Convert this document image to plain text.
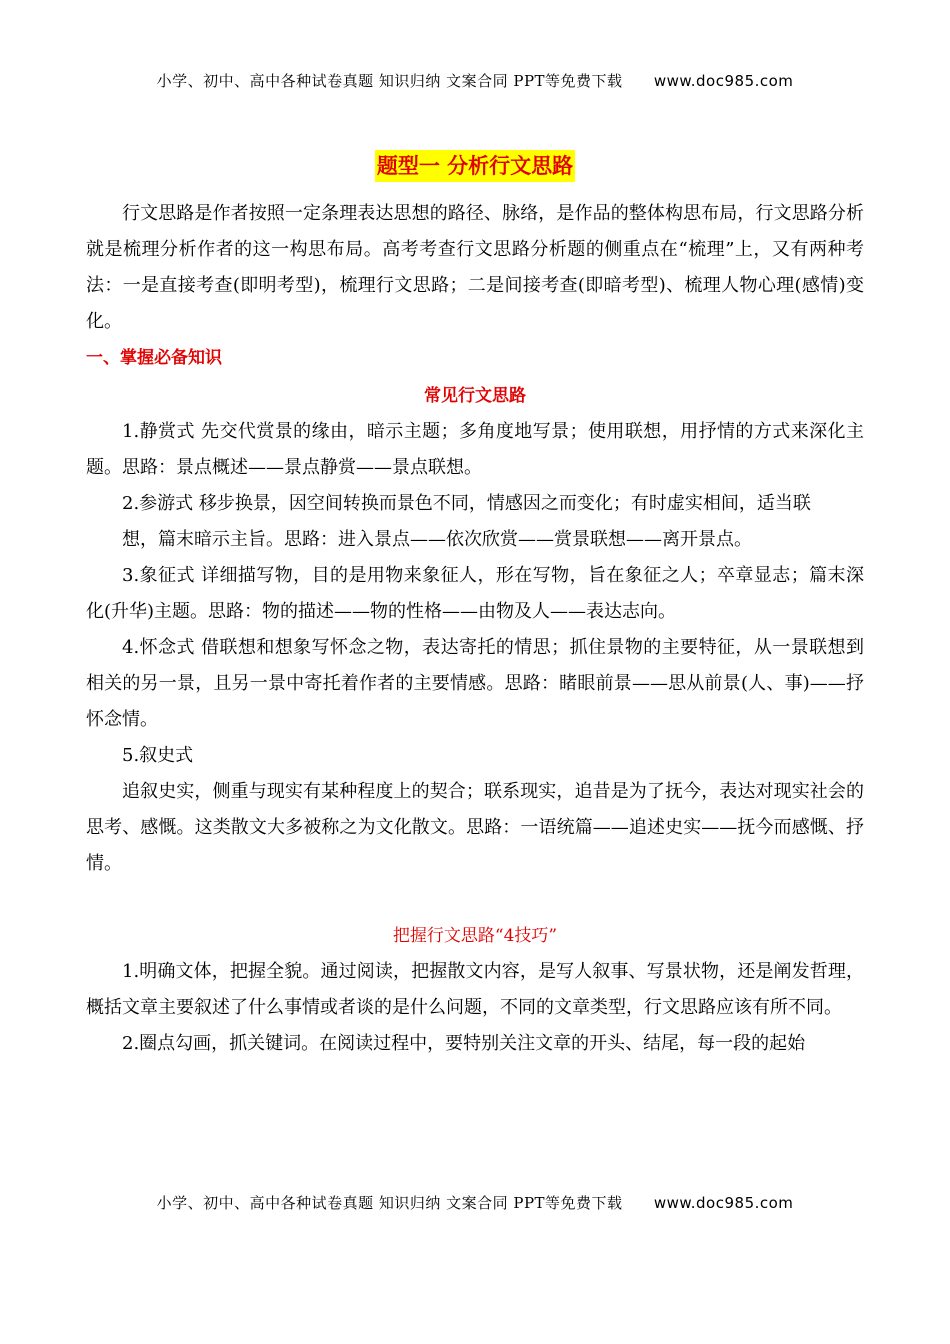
小学、初中、高中各种试卷真题 知识归纳 文案合同 PPT等免费下载 www.doc985.com
题型一 分析行文思路

行文思路是作者按照一定条理表达思想的路径、脉络，是作品的整体构思布局，行文思路分析就是梳理分析作者的这一构思布局。高考考查行文思路分析题的侧重点在“梳理”上，又有两种考法：一是直接考查(即明考型)，梳理行文思路；二是间接考查(即暗考型)、梳理人物心理(感情)变化。

一、掌握必备知识
常见行文思路

1.静赏式 先交代赏景的缘由，暗示主题；多角度地写景；使用联想，用抒情的方式来深化主题。思路：景点概述——景点静赏——景点联想。

2.参游式 移步换景，因空间转换而景色不同，情感因之而变化；有时虚实相间，适当联

想，篇末暗示主旨。思路：进入景点——依次欣赏——赏景联想——离开景点。

3.象征式 详细描写物，目的是用物来象征人，形在写物，旨在象征之人；卒章显志；篇末深化(升华)主题。思路：物的描述——物的性格——由物及人——表达志向。

4.怀念式 借联想和想象写怀念之物，表达寄托的情思；抓住景物的主要特征，从一景联想到相关的另一景，且另一景中寄托着作者的主要情感。思路：睹眼前景——思从前景(人、事)——抒怀念情。

5.叙史式

追叙史实，侧重与现实有某种程度上的契合；联系现实，追昔是为了抚今，表达对现实社会的思考、感慨。这类散文大多被称之为文化散文。思路：一语统篇——追述史实——抚今而感慨、抒情。

把握行文思路“4技巧”

1.明确文体，把握全貌。通过阅读，把握散文内容，是写人叙事、写景状物，还是阐发哲理，概括文章主要叙述了什么事情或者谈的是什么问题，不同的文章类型，行文思路应该有所不同。

2.圈点勾画，抓关键词。在阅读过程中，要特别关注文章的开头、结尾，每一段的起始

小学、初中、高中各种试卷真题 知识归纳 文案合同 PPT等免费下载 www.doc985.com
